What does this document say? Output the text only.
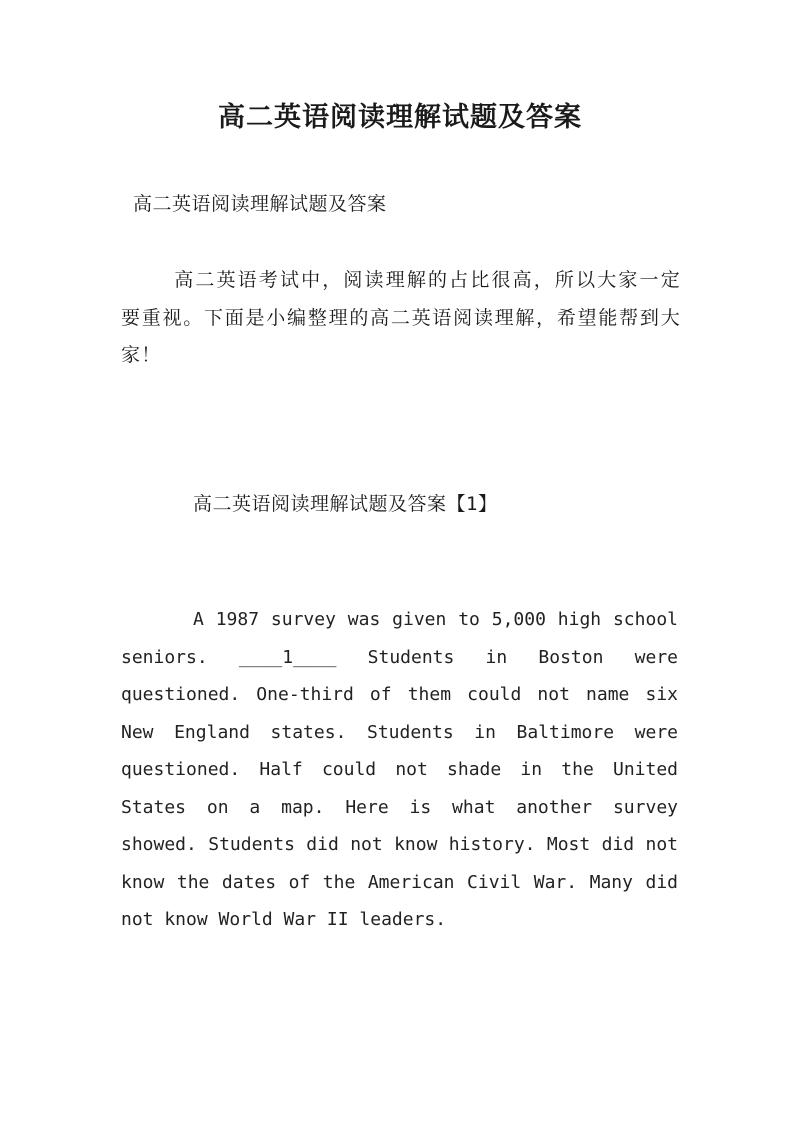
高二英语阅读理解试题及答案
高二英语阅读理解试题及答案

高二英语考试中，阅读理解的占比很高，所以大家一定要重视。下面是小编整理的高二英语阅读理解，希望能帮到大家！

高二英语阅读理解试题及答案【1】

A 1987 survey was given to 5,000 high school seniors. ____1____ Students in Boston were questioned. One-third of them could not name six New England states. Students in Baltimore were questioned. Half could not shade in the United States on a map. Here is what another survey showed. Students did not know history. Most did not know the dates of the American Civil War. Many did not know World War II leaders.
